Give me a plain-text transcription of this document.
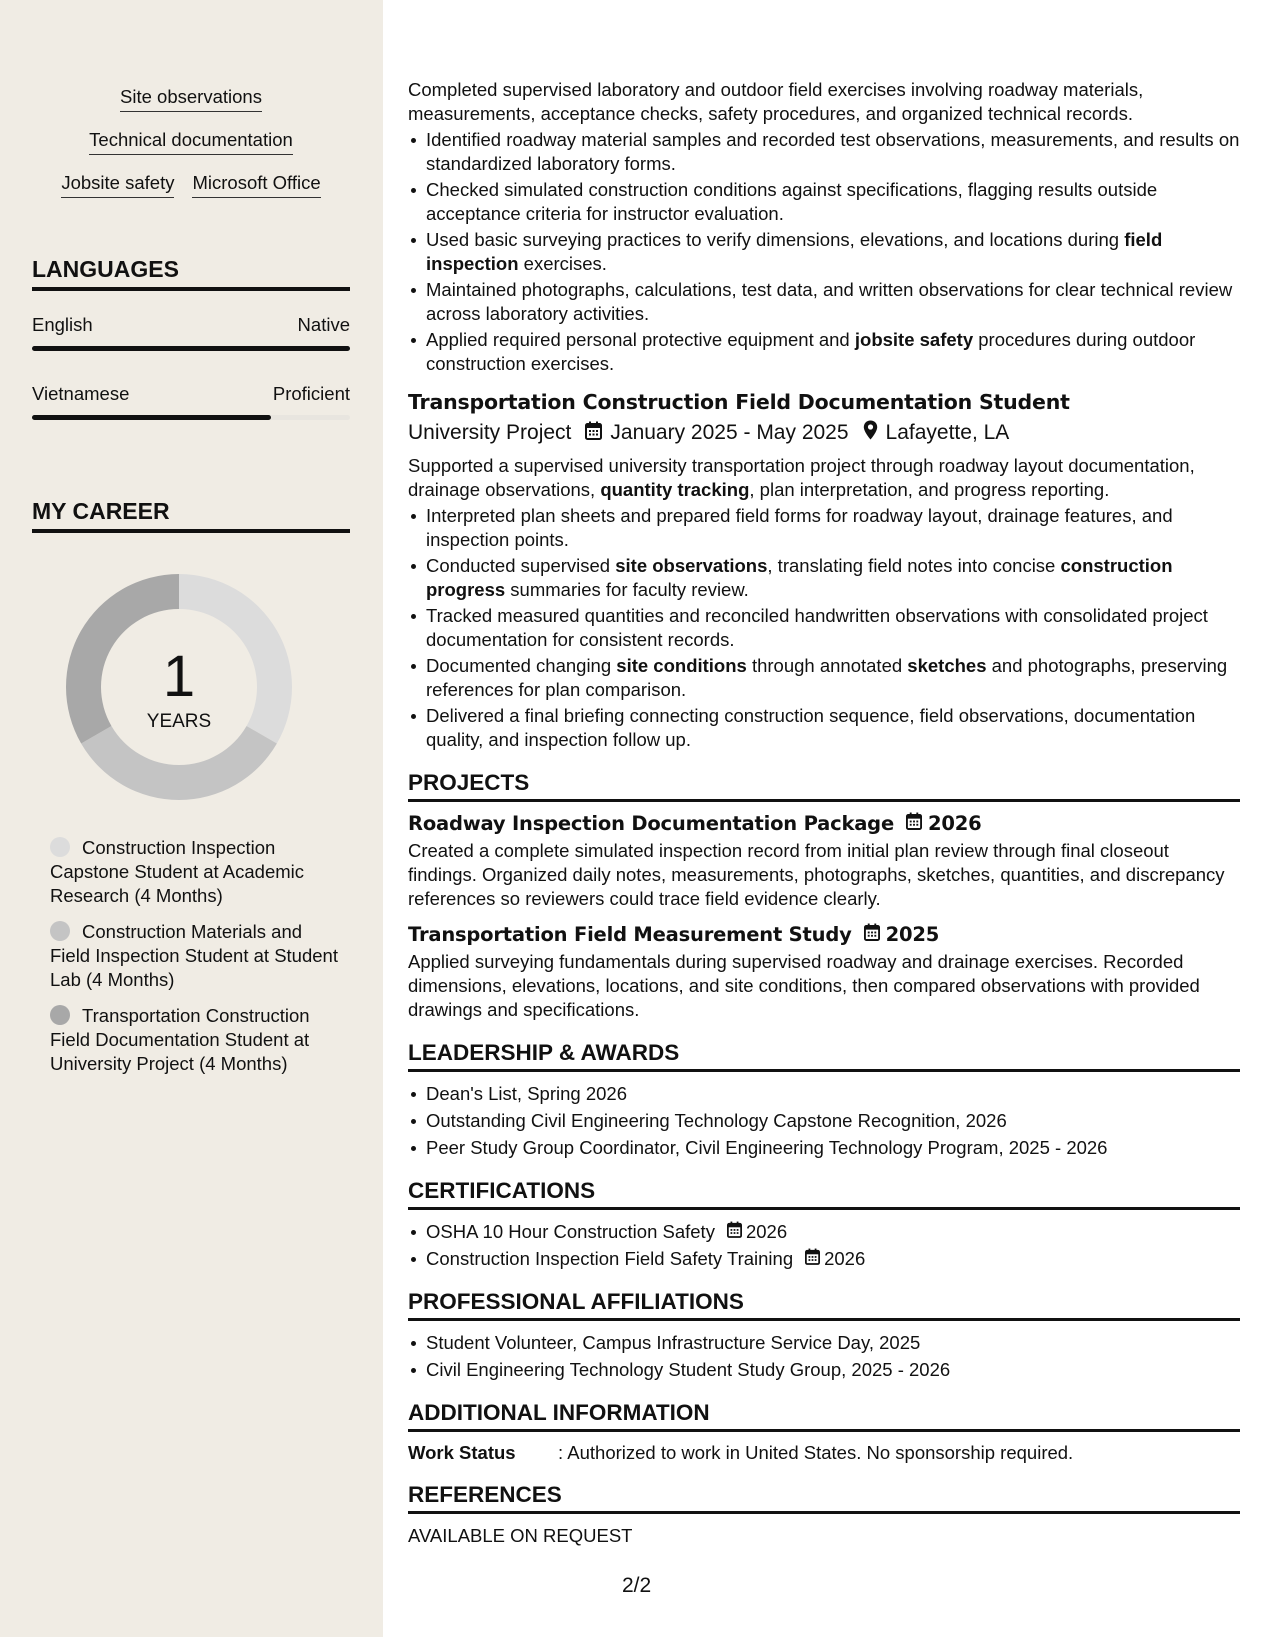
Site observations
Technical documentation
Jobsite safety Microsoft Office
LANGUAGES
English	Native
Vietnamese	Proficient
MY CAREER
1
YEARS
Construction Inspection Capstone Student at Academic Research (4 Months)
Construction Materials and Field Inspection Student at Student Lab (4 Months)
Transportation Construction Field Documentation Student at University Project (4 Months)

Completed supervised laboratory and outdoor field exercises involving roadway materials, measurements, acceptance checks, safety procedures, and organized technical records.

Identified roadway material samples and recorded test observations, measurements, and results on standardized laboratory forms.
Checked simulated construction conditions against specifications, flagging results outside acceptance criteria for instructor evaluation.
Used basic surveying practices to verify dimensions, elevations, and locations during field inspection exercises.
Maintained photographs, calculations, test data, and written observations for clear technical review across laboratory activities.
Applied required personal protective equipment and jobsite safety procedures during outdoor construction exercises.
Transportation Construction Field Documentation Student
University Project January 2025 - May 2025 Lafayette, LA

Supported a supervised university transportation project through roadway layout documentation, drainage observations, quantity tracking, plan interpretation, and progress reporting.

Interpreted plan sheets and prepared field forms for roadway layout, drainage features, and inspection points.
Conducted supervised site observations, translating field notes into concise construction progress summaries for faculty review.
Tracked measured quantities and reconciled handwritten observations with consolidated project documentation for consistent records.
Documented changing site conditions through annotated sketches and photographs, preserving references for plan comparison.
Delivered a final briefing connecting construction sequence, field observations, documentation quality, and inspection follow up.
PROJECTS
Roadway Inspection Documentation Package 2026

Created a complete simulated inspection record from initial plan review through final closeout findings. Organized daily notes, measurements, photographs, sketches, quantities, and discrepancy references so reviewers could trace field evidence clearly.

Transportation Field Measurement Study 2025

Applied surveying fundamentals during supervised roadway and drainage exercises. Recorded dimensions, elevations, locations, and site conditions, then compared observations with provided drawings and specifications.

LEADERSHIP & AWARDS
Dean's List, Spring 2026
Outstanding Civil Engineering Technology Capstone Recognition, 2026
Peer Study Group Coordinator, Civil Engineering Technology Program, 2025 - 2026
CERTIFICATIONS
OSHA 10 Hour Construction Safety 2026
Construction Inspection Field Safety Training 2026
PROFESSIONAL AFFILIATIONS
Student Volunteer, Campus Infrastructure Service Day, 2025
Civil Engineering Technology Student Study Group, 2025 - 2026
ADDITIONAL INFORMATION
Work Status	: Authorized to work in United States. No sponsorship required.
REFERENCES

AVAILABLE ON REQUEST

2/2
